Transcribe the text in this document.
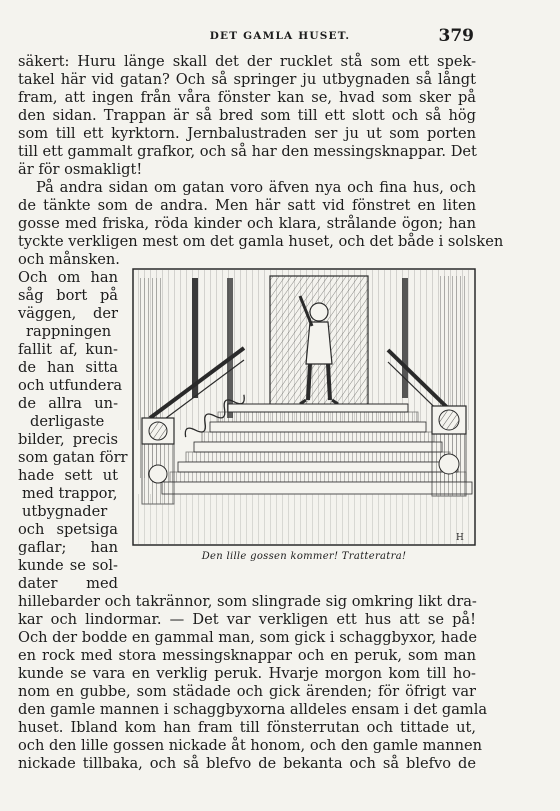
DET GAMLA HUSET.	379
säkert: Huru länge skall det der rucklet stå som ett spek-
takel här vid gatan? Och så springer ju utbygnaden så långt
fram, att ingen från våra fönster kan se, hvad som sker på
den sidan. Trappan är så bred som till ett slott och så hög
som till ett kyrktorn. Jernbalustraden ser ju ut som porten
till ett gammalt grafkor, och så har den messingsknappar. Det
är för osmakligt!
På andra sidan om gatan voro äfven nya och fina hus, och
de tänkte som de andra. Men här satt vid fönstret en liten
gosse med friska, röda kinder och klara, strålande ögon; han
tyckte verkligen mest om det gamla huset, och det både i solsken
och månsken.
Och om han
såg bort på
väggen, der
rappningen
fallit af, kun-
de han sitta
och utfundera
de allra un-
derligaste
bilder, precis
som gatan förr
hade sett ut
med trappor,
utbygnader
och spetsiga
gaflar; han
kunde se sol-
dater med
H
Den lille gossen kommer! Tratteratra!
hillebarder och takrännor, som slingrade sig omkring likt dra-
kar och lindormar. — Det var verkligen ett hus att se på!
Och der bodde en gammal man, som gick i schaggbyxor, hade
en rock med stora messingsknappar och en peruk, som man
kunde se vara en verklig peruk. Hvarje morgon kom till ho-
nom en gubbe, som städade och gick ärenden; för öfrigt var
den gamle mannen i schaggbyxorna alldeles ensam i det gamla
huset. Ibland kom han fram till fönsterrutan och tittade ut,
och den lille gossen nickade åt honom, och den gamle mannen
nickade tillbaka, och så blefvo de bekanta och så blefvo de
